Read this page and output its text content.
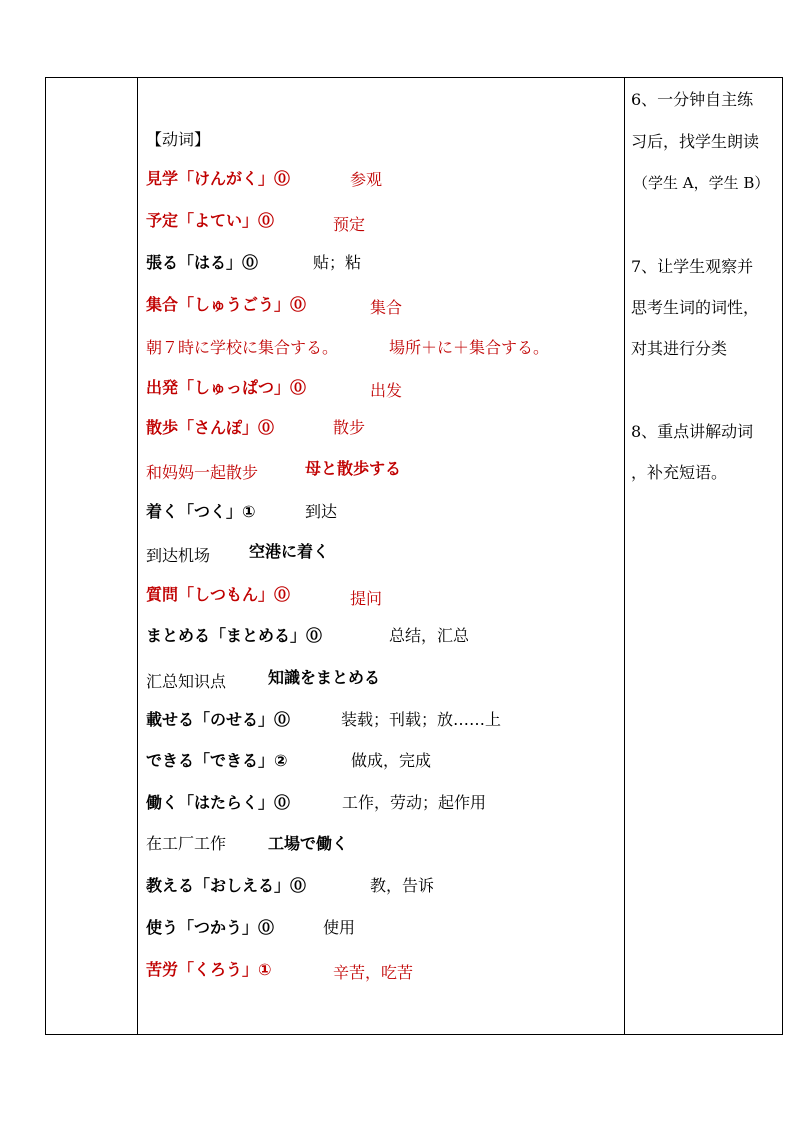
【动词】
見学「けんがく」⓪	参观
予定「よてい」⓪	预定
張る「はる」⓪	贴；粘
集合「しゅうごう」⓪	集合
朝７時に学校に集合する。	場所＋に＋集合する。
出発「しゅっぱつ」⓪	出发
散歩「さんぽ」⓪	散步
和妈妈一起散步	母と散歩する
着く「つく」①	到达
到达机场 空港に着く
質問「しつもん」⓪	提问
まとめる「まとめる」⓪	总结，汇总
汇总知识点	知識をまとめる
載せる「のせる」⓪	装载；刊载；放……上
できる「できる」②	做成，完成
働く「はたらく」⓪	工作，劳动；起作用
在工厂工作	工場で働く
教える「おしえる」⓪	教，告诉
使う「つかう」⓪	使用
苦労「くろう」①	辛苦，吃苦
6、一分钟自主练
习后，找学生朗读
（学生 A，学生 B）
7、让学生观察并
思考生词的词性，
对其进行分类
8、重点讲解动词
，补充短语。
